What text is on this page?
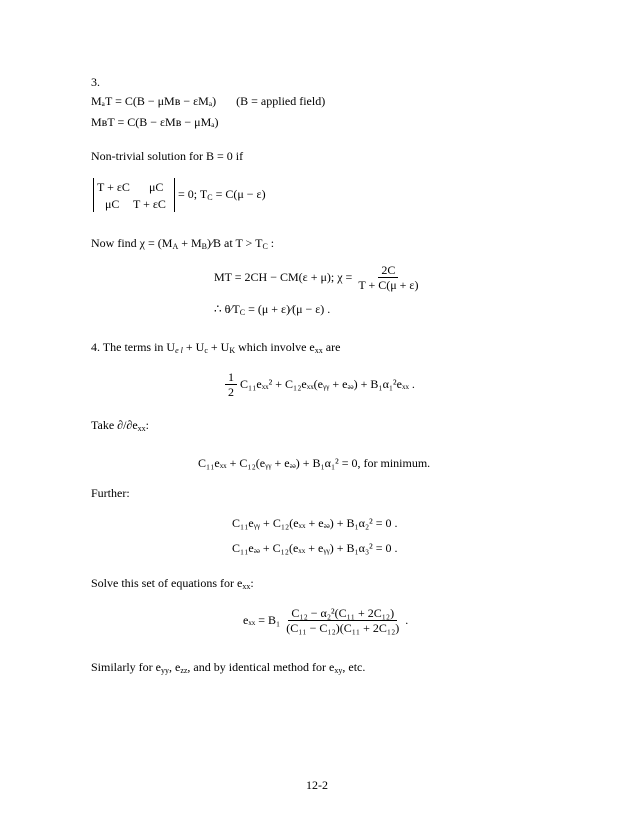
3.
MₐT = C(B − μMʙ − εMₐ) (B = applied field)
MʙT = C(B − εMʙ − μMₐ)
Non-trivial solution for B = 0 if
T + εC μC
μC T + εC
= 0; TC = C(μ − ε)
Now find χ = (MA + MB)∕B at T > TC :
MT = 2CH − CM(ε + μ); $\chi = \frac{2C}{T + C(\mu + \varepsilon)}$
∴ θ∕TC = (μ + ε)∕(μ − ε) .
4. The terms in Ue l + Uc + UK which involve exx are
$\frac{1}{2} C_{11}e_{xx}^2$ + C₁₂eₓₓ(eᵧᵧ + eₔₔ) + B₁α₁²eₓₓ .
Take ∂/∂exx:
C₁₁eₓₓ + C₁₂(eᵧᵧ + eₔₔ) + B₁α₁² = 0, for minimum.
Further:
C₁₁eᵧᵧ + C₁₂(eₓₓ + eₔₔ) + B₁α₂² = 0 .
C₁₁eₔₔ + C₁₂(eₓₓ + eᵧᵧ) + B₁α₃² = 0 .
Solve this set of equations for exx:
$e_{xx} = B_1 \frac{\text{C₁₂ − α₂²(C₁₁ + 2C₁₂)}}{\text{(C₁₁ − C₁₂)(C₁₁ + 2C₁₂)}}$ .
Similarly for eyy, ezz, and by identical method for exy, etc.
12-2
